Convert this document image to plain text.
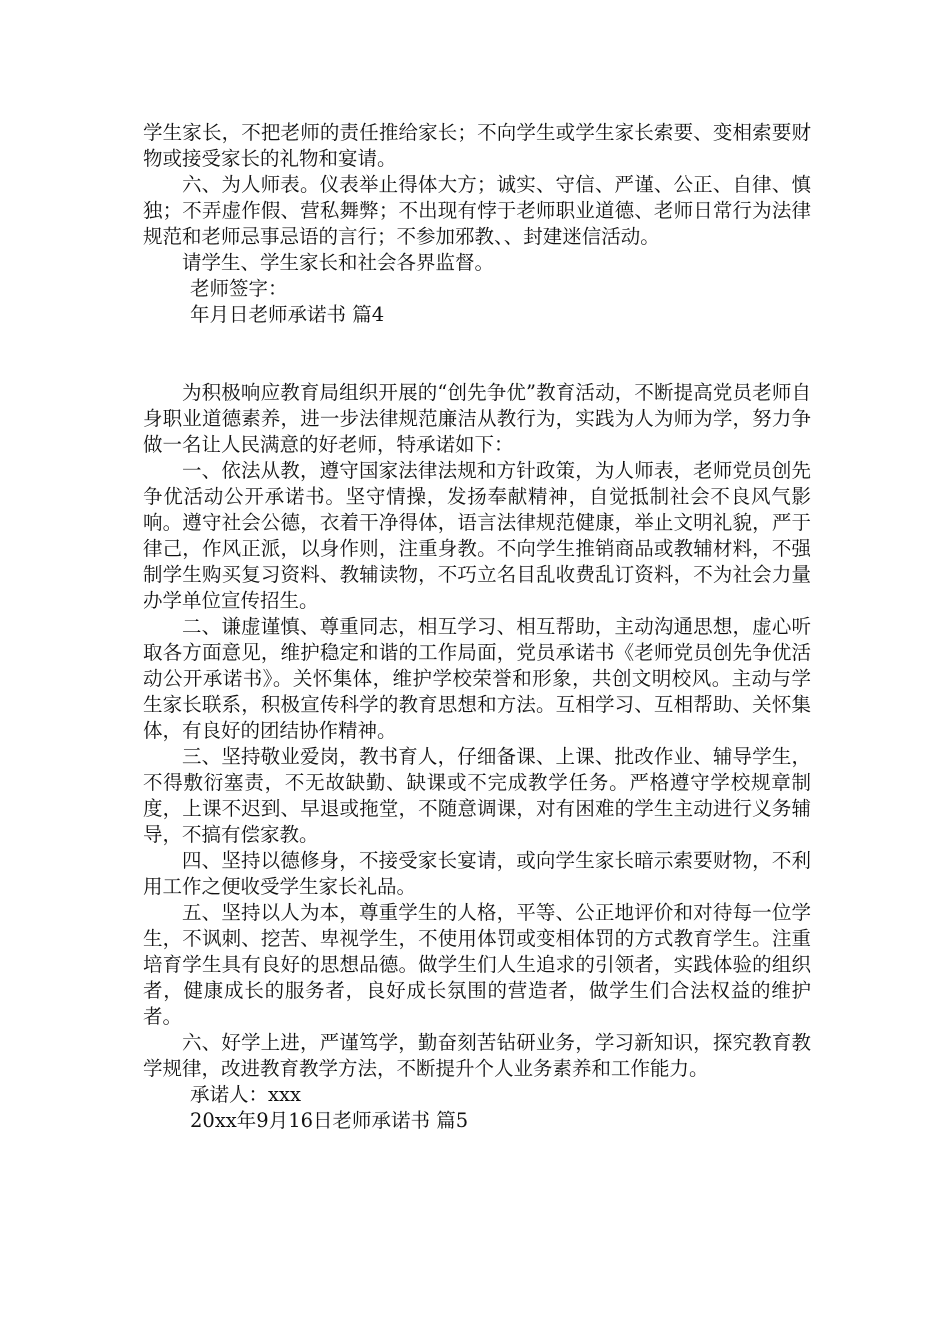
学生家长，不把老师的责任推给家长；不向学生或学生家长索要、变相索要财物或接受家长的礼物和宴请。

六、为人师表。仪表举止得体大方；诚实、守信、严谨、公正、自律、慎独；不弄虚作假、营私舞弊；不出现有悖于老师职业道德、老师日常行为法律规范和老师忌事忌语的言行；不参加邪教、、封建迷信活动。

请学生、学生家长和社会各界监督。

老师签字：

年月日老师承诺书 篇4

为积极响应教育局组织开展的“创先争优”教育活动，不断提高党员老师自身职业道德素养，进一步法律规范廉洁从教行为，实践为人为师为学，努力争做一名让人民满意的好老师，特承诺如下：

一、依法从教，遵守国家法律法规和方针政策，为人师表，老师党员创先争优活动公开承诺书。坚守情操，发扬奉献精神，自觉抵制社会不良风气影响。遵守社会公德，衣着干净得体，语言法律规范健康，举止文明礼貌，严于律己，作风正派，以身作则，注重身教。不向学生推销商品或教辅材料，不强制学生购买复习资料、教辅读物，不巧立名目乱收费乱订资料，不为社会力量办学单位宣传招生。

二、谦虚谨慎、尊重同志，相互学习、相互帮助，主动沟通思想，虚心听取各方面意见，维护稳定和谐的工作局面，党员承诺书《老师党员创先争优活动公开承诺书》。关怀集体，维护学校荣誉和形象，共创文明校风。主动与学生家长联系，积极宣传科学的教育思想和方法。互相学习、互相帮助、关怀集体，有良好的团结协作精神。

三、坚持敬业爱岗，教书育人，仔细备课、上课、批改作业、辅导学生，不得敷衍塞责，不无故缺勤、缺课或不完成教学任务。严格遵守学校规章制度，上课不迟到、早退或拖堂，不随意调课，对有困难的学生主动进行义务辅导，不搞有偿家教。

四、坚持以德修身，不接受家长宴请，或向学生家长暗示索要财物，不利用工作之便收受学生家长礼品。

五、坚持以人为本，尊重学生的人格，平等、公正地评价和对待每一位学生，不讽刺、挖苦、卑视学生，不使用体罚或变相体罚的方式教育学生。注重培育学生具有良好的思想品德。做学生们人生追求的引领者，实践体验的组织者，健康成长的服务者，良好成长氛围的营造者，做学生们合法权益的维护者。

六、好学上进，严谨笃学，勤奋刻苦钻研业务，学习新知识，探究教育教学规律，改进教育教学方法，不断提升个人业务素养和工作能力。

承诺人：xxx

20xx年9月16日老师承诺书 篇5
